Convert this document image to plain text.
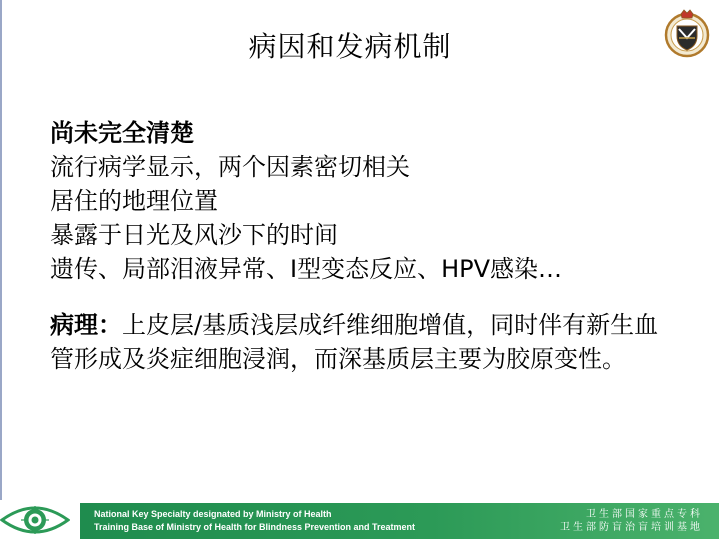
病因和发病机制
尚未完全清楚
流行病学显示，两个因素密切相关
居住的地理位置
暴露于日光及风沙下的时间
遗传、局部泪液异常、I型变态反应、HPV感染…
病理：上皮层/基质浅层成纤维细胞增值，同时伴有新生血管形成及炎症细胞浸润，而深基质层主要为胶原变性。
National Key Specialty designated by Ministry of Health
Training Base of Ministry of Health for Blindness Prevention and Treatment
卫生部国家重点专科
卫生部防盲治盲培训基地
